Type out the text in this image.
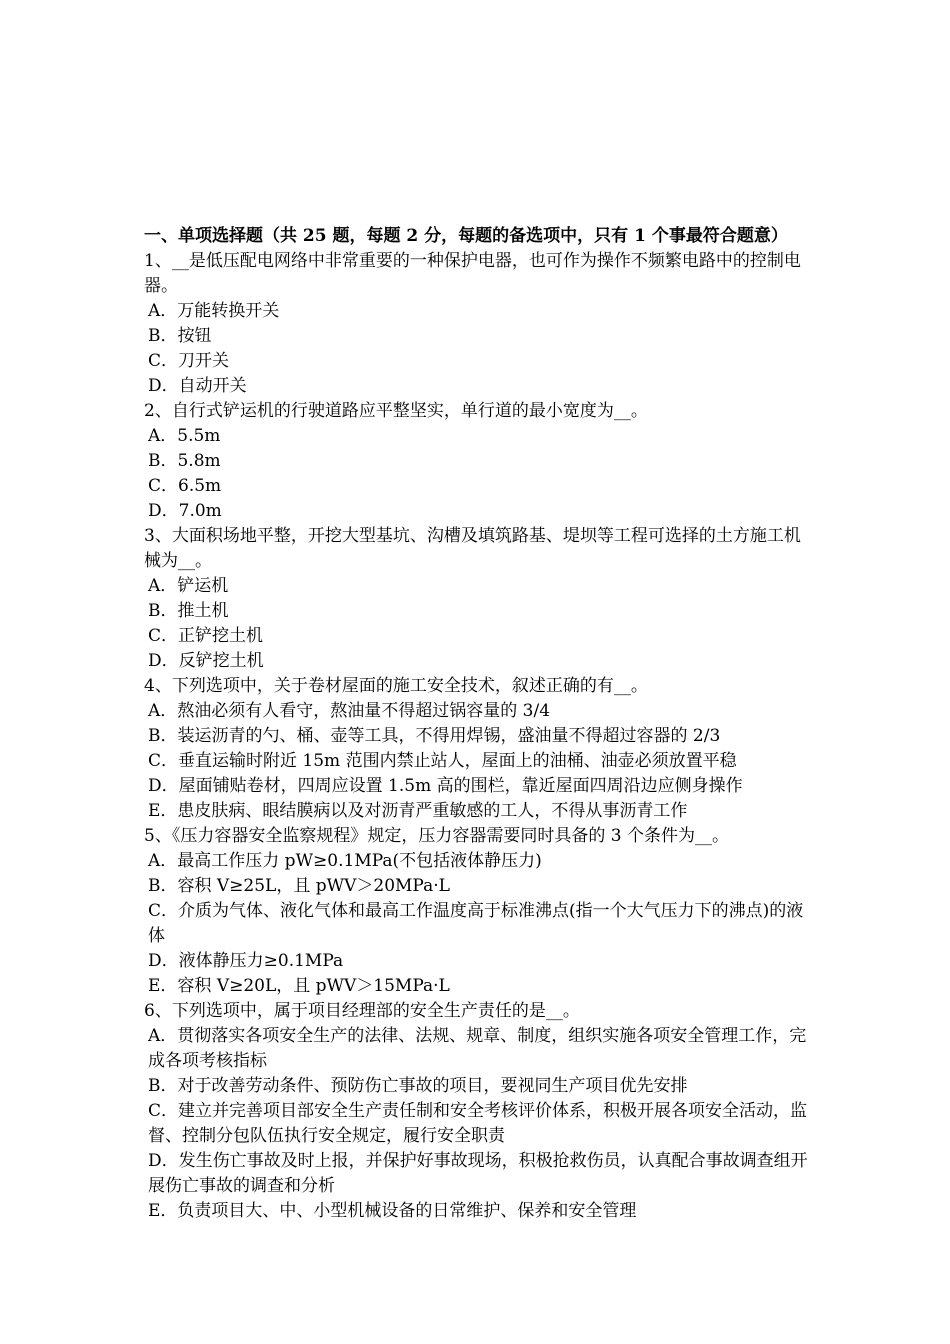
一、单项选择题（共 25 题，每题 2 分，每题的备选项中，只有 1 个事最符合题意）
1、__是低压配电网络中非常重要的一种保护电器，也可作为操作不频繁电路中的控制电器。
A．万能转换开关
B．按钮
C．刀开关
D．自动开关
2、自行式铲运机的行驶道路应平整坚实，单行道的最小宽度为__。
A．5.5m
B．5.8m
C．6.5m
D．7.0m
3、大面积场地平整，开挖大型基坑、沟槽及填筑路基、堤坝等工程可选择的土方施工机械为__。
A．铲运机
B．推土机
C．正铲挖土机
D．反铲挖土机
4、下列选项中，关于卷材屋面的施工安全技术，叙述正确的有__。
A．熬油必须有人看守，熬油量不得超过锅容量的 3/4
B．装运沥青的勺、桶、壶等工具，不得用焊锡，盛油量不得超过容器的 2/3
C．垂直运输时附近 15m 范围内禁止站人，屋面上的油桶、油壶必须放置平稳
D．屋面铺贴卷材，四周应设置 1.5m 高的围栏，靠近屋面四周沿边应侧身操作
E．患皮肤病、眼结膜病以及对沥青严重敏感的工人，不得从事沥青工作
5、《压力容器安全监察规程》规定，压力容器需要同时具备的 3 个条件为__。
A．最高工作压力 pW≥0.1MPa(不包括液体静压力)
B．容积 V≥25L，且 pWV＞20MPa·L
C．介质为气体、液化气体和最高工作温度高于标准沸点(指一个大气压力下的沸点)的液体
D．液体静压力≥0.1MPa
E．容积 V≥20L，且 pWV＞15MPa·L
6、下列选项中，属于项目经理部的安全生产责任的是__。
A．贯彻落实各项安全生产的法律、法规、规章、制度，组织实施各项安全管理工作，完成各项考核指标
B．对于改善劳动条件、预防伤亡事故的项目，要视同生产项目优先安排
C．建立并完善项目部安全生产责任制和安全考核评价体系，积极开展各项安全活动，监督、控制分包队伍执行安全规定，履行安全职责
D．发生伤亡事故及时上报，并保护好事故现场，积极抢救伤员，认真配合事故调查组开展伤亡事故的调查和分析
E．负责项目大、中、小型机械设备的日常维护、保养和安全管理
